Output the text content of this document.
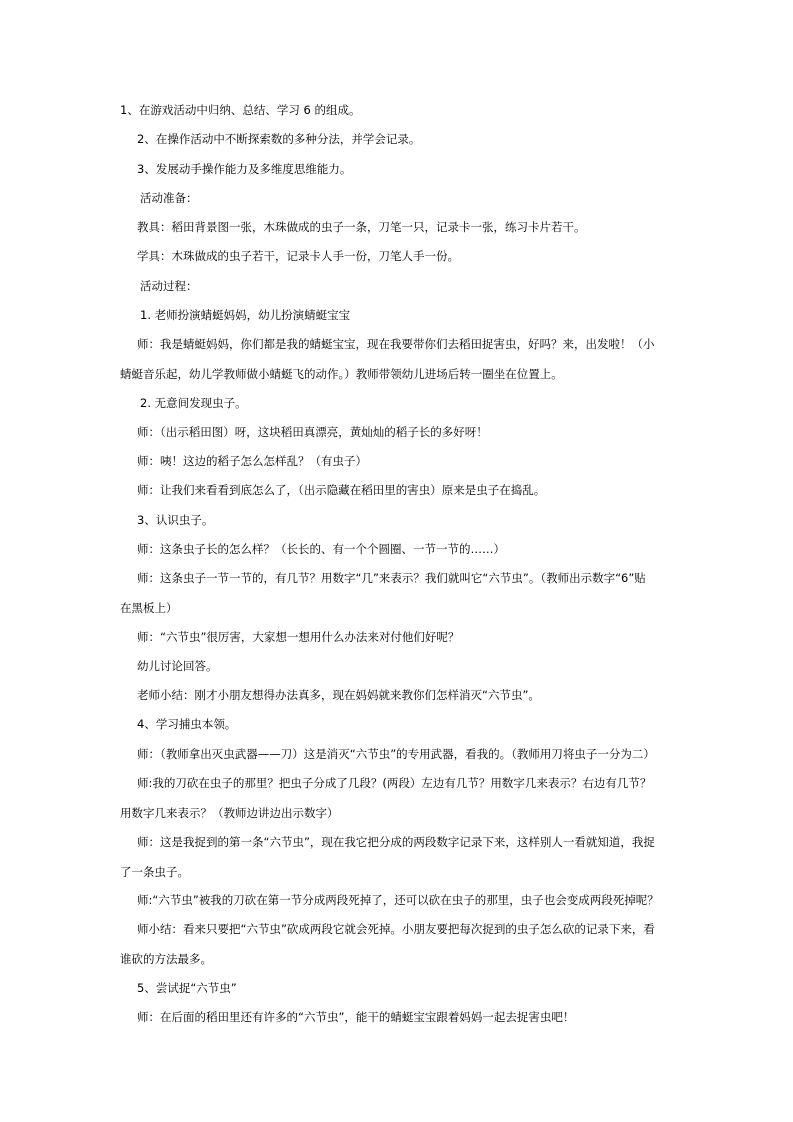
1、在游戏活动中归纳、总结、学习 6 的组成。
2、在操作活动中不断探索数的多种分法，并学会记录。
3、发展动手操作能力及多维度思维能力。
活动准备：
教具：稻田背景图一张，木珠做成的虫子一条，刀笔一只，记录卡一张，练习卡片若干。
学具：木珠做成的虫子若干，记录卡人手一份，刀笔人手一份。
活动过程：
1. 老师扮演蜻蜓妈妈，幼儿扮演蜻蜓宝宝
师：我是蜻蜓妈妈，你们都是我的蜻蜓宝宝，现在我要带你们去稻田捉害虫，好吗？来，出发啦！（小
蜻蜓音乐起，幼儿学教师做小蜻蜓飞的动作。）教师带领幼儿进场后转一圈坐在位置上。
2. 无意间发现虫子。
师：（出示稻田图）呀，这块稻田真漂亮，黄灿灿的稻子长的多好呀！
师：咦！这边的稻子怎么怎样乱？（有虫子）
师：让我们来看看到底怎么了，（出示隐藏在稻田里的害虫）原来是虫子在捣乱。
3、认识虫子。
师：这条虫子长的怎么样？（长长的、有一个个圆圈、一节一节的……）
师：这条虫子一节一节的，有几节？用数字“几”来表示？我们就叫它“六节虫”。（教师出示数字“6”贴
在黑板上）
师：“六节虫”很厉害，大家想一想用什么办法来对付他们好呢？
幼儿讨论回答。
老师小结：刚才小朋友想得办法真多，现在妈妈就来教你们怎样消灭“六节虫”。
4、学习捕虫本领。
师：（教师拿出灭虫武器——刀）这是消灭“六节虫”的专用武器，看我的。（教师用刀将虫子一分为二）
师:我的刀砍在虫子的那里？把虫子分成了几段？(两段）左边有几节？用数字几来表示？右边有几节？
用数字几来表示？（教师边讲边出示数字）
师：这是我捉到的第一条“六节虫”，现在我它把分成的两段数字记录下来，这样别人一看就知道，我捉
了一条虫子。
师:“六节虫”被我的刀砍在第一节分成两段死掉了，还可以砍在虫子的那里，虫子也会变成两段死掉呢？
师小结：看来只要把“六节虫”砍成两段它就会死掉。小朋友要把每次捉到的虫子怎么砍的记录下来，看
谁砍的方法最多。
5、尝试捉“六节虫”
师：在后面的稻田里还有许多的“六节虫”，能干的蜻蜓宝宝跟着妈妈一起去捉害虫吧！
